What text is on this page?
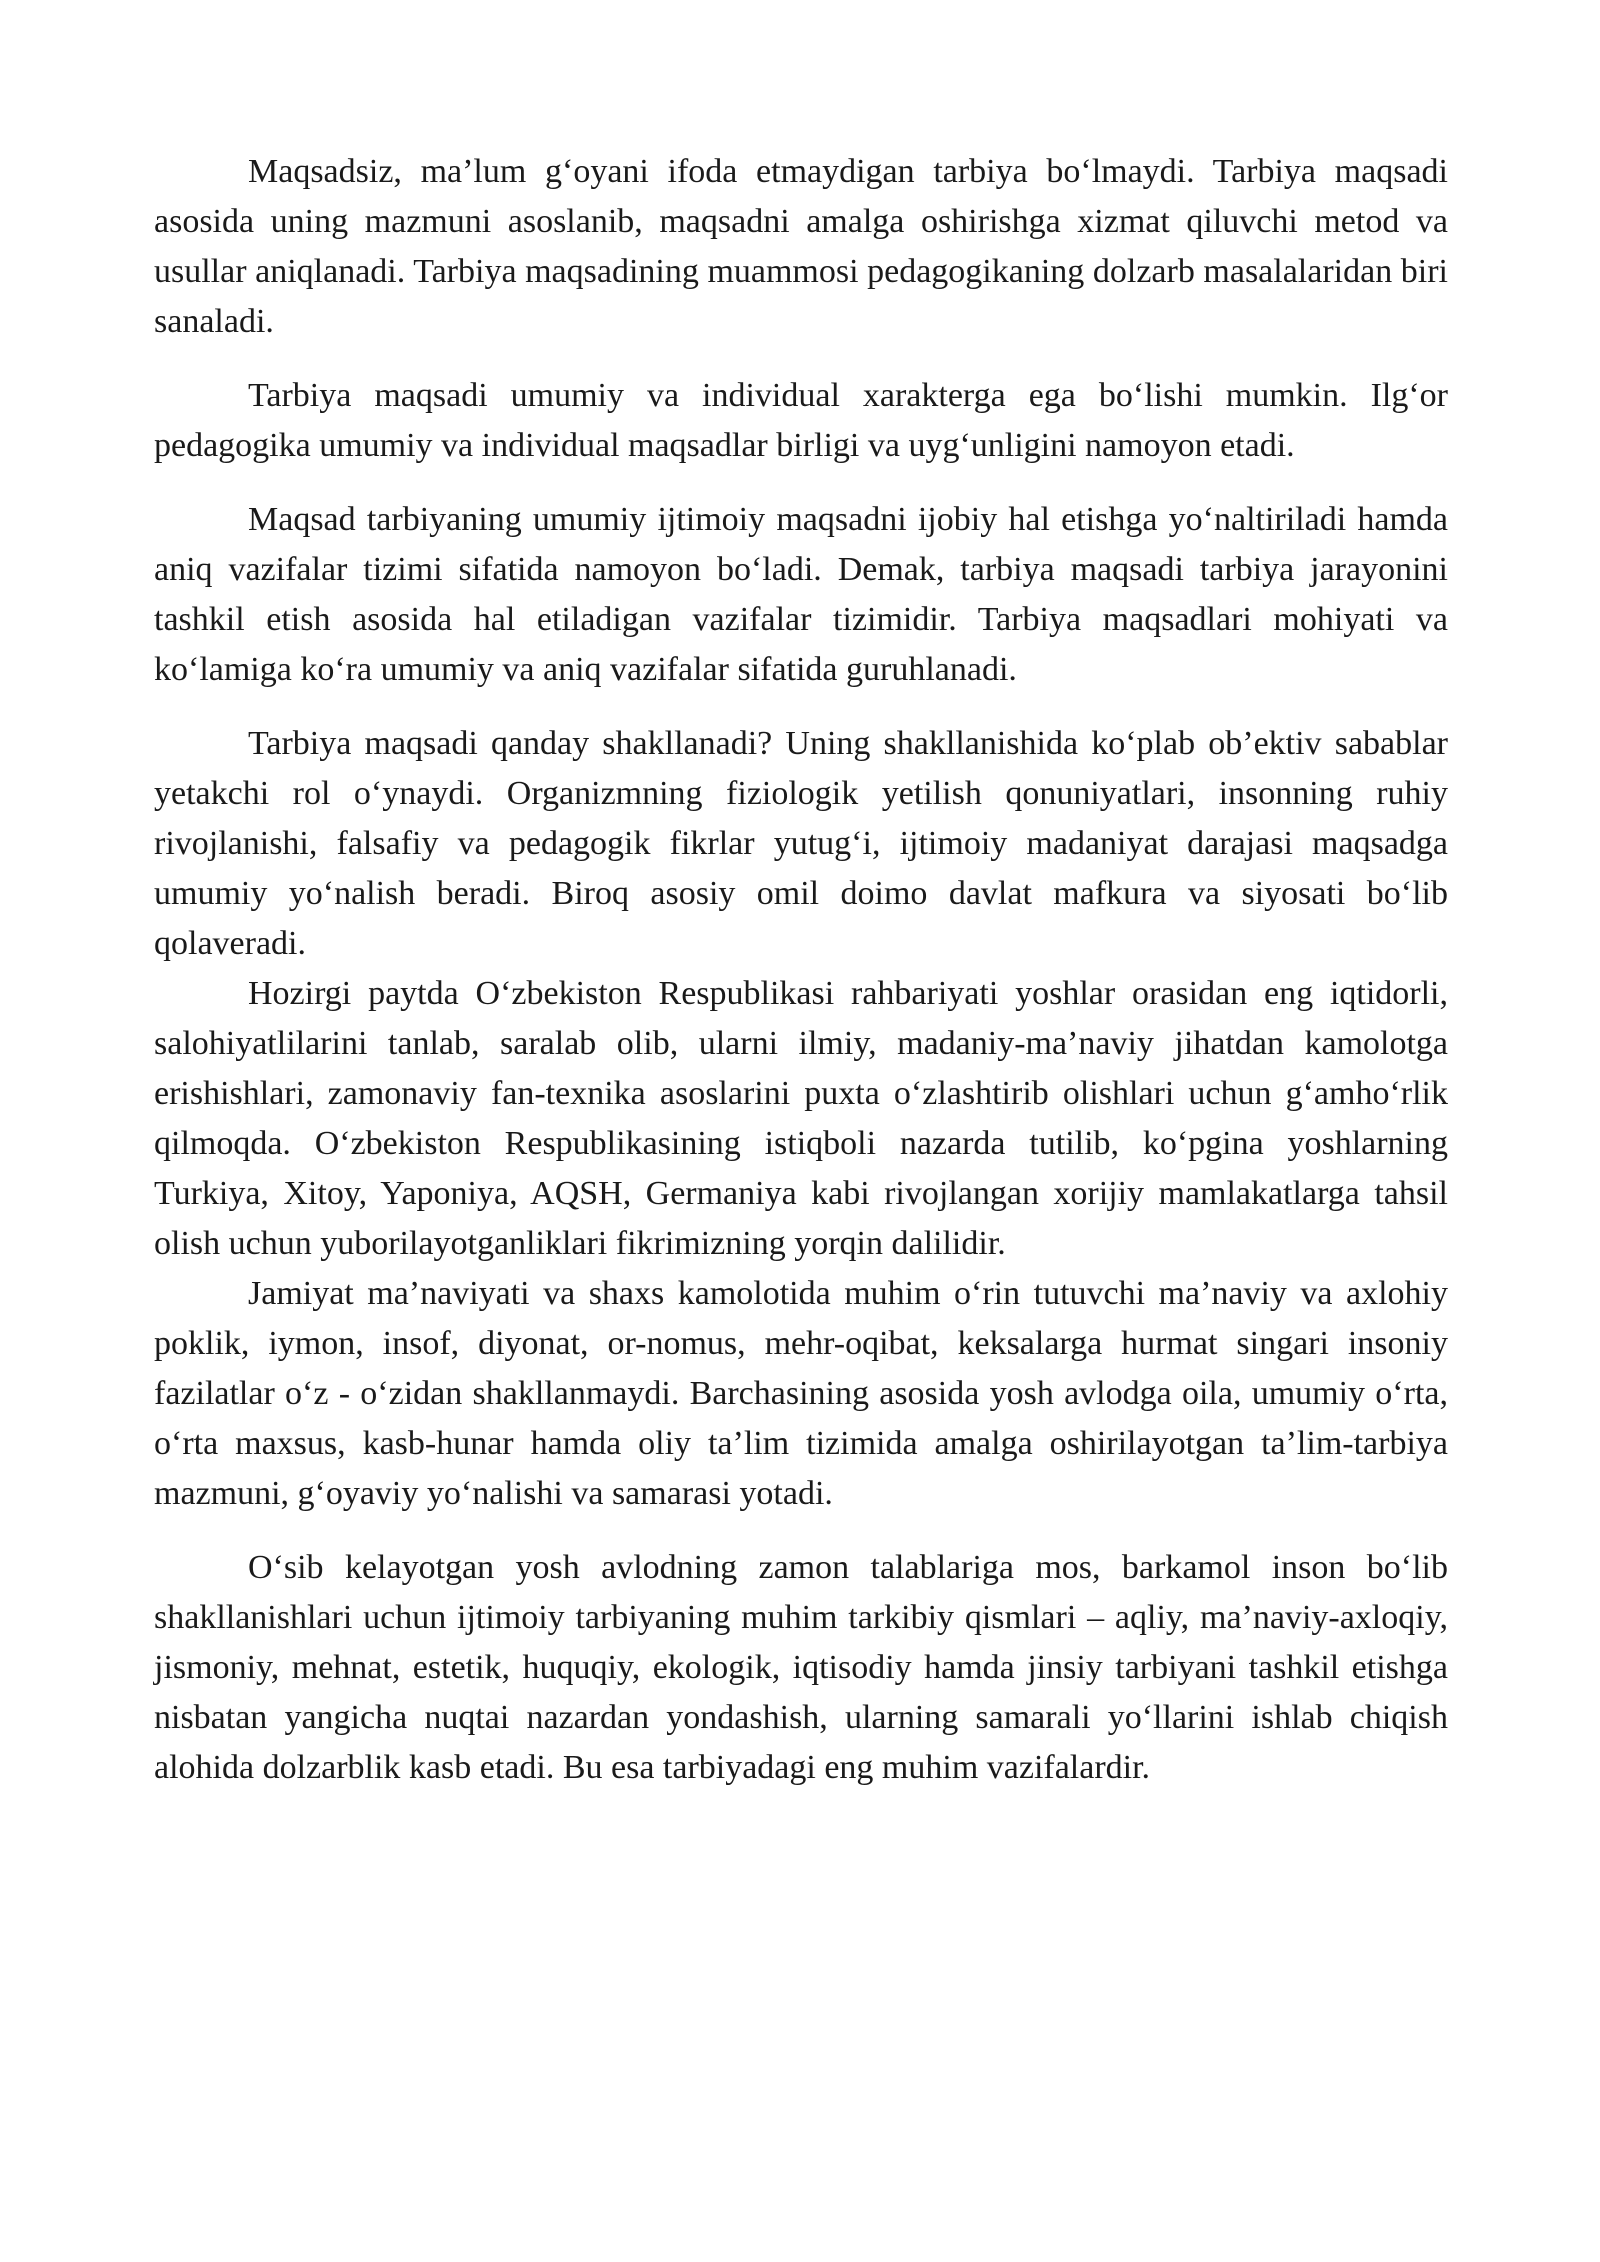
Maqsadsiz, ma’lum g‘oyani ifoda etmaydigan tarbiya bo‘lmaydi. Tarbiya maqsadi asosida uning mazmuni asoslanib, maqsadni amalga oshirishga xizmat qiluvchi metod va usullar aniqlanadi. Tarbiya maqsadining muammosi pedagogikaning dolzarb masalalaridan biri sanaladi.

Tarbiya maqsadi umumiy va individual xarakterga ega bo‘lishi mumkin. Ilg‘or pedagogika umumiy va individual maqsadlar birligi va uyg‘unligini namoyon etadi.

Maqsad tarbiyaning umumiy ijtimoiy maqsadni ijobiy hal etishga yo‘naltiriladi hamda aniq vazifalar tizimi sifatida namoyon bo‘ladi. Demak, tarbiya maqsadi tarbiya jarayonini tashkil etish asosida hal etiladigan vazifalar tizimidir. Tarbiya maqsadlari mohiyati va ko‘lamiga ko‘ra umumiy va aniq vazifalar sifatida guruhlanadi.

Tarbiya maqsadi qanday shakllanadi? Uning shakllanishida ko‘plab ob’ektiv sabablar yetakchi rol o‘ynaydi. Organizmning fiziologik yetilish qonuniyatlari, insonning ruhiy rivojlanishi, falsafiy va pedagogik fikrlar yutug‘i, ijtimoiy madaniyat darajasi maqsadga umumiy yo‘nalish beradi. Biroq asosiy omil doimo davlat mafkura va siyosati bo‘lib qolaveradi.

Hozirgi paytda O‘zbekiston Respublikasi rahbariyati yoshlar orasidan eng iqtidorli, salohiyatlilarini tanlab, saralab olib, ularni ilmiy, madaniy-ma’naviy jihatdan kamolotga erishishlari, zamonaviy fan-texnika asoslarini puxta o‘zlashtirib olishlari uchun g‘amho‘rlik qilmoqda. O‘zbekiston Respublikasining istiqboli nazarda tutilib, ko‘pgina yoshlarning Turkiya, Xitoy, Yaponiya, AQSH, Germaniya kabi rivojlangan xorijiy mamlakatlarga tahsil olish uchun yuborilayotganliklari fikrimizning yorqin dalilidir.

Jamiyat ma’naviyati va shaxs kamolotida muhim o‘rin tutuvchi ma’naviy va axlohiy poklik, iymon, insof, diyonat, or-nomus, mehr-oqibat, keksalarga hurmat singari insoniy fazilatlar o‘z - o‘zidan shakllanmaydi. Barchasining asosida yosh avlodga oila, umumiy o‘rta, o‘rta maxsus, kasb-hunar hamda oliy ta’lim tizimida amalga oshirilayotgan ta’lim-tarbiya mazmuni, g‘oyaviy yo‘nalishi va samarasi yotadi.

O‘sib kelayotgan yosh avlodning zamon talablariga mos, barkamol inson bo‘lib shakllanishlari uchun ijtimoiy tarbiyaning muhim tarkibiy qismlari – aqliy, ma’naviy-axloqiy, jismoniy, mehnat, estetik, huquqiy, ekologik, iqtisodiy hamda jinsiy tarbiyani tashkil etishga nisbatan yangicha nuqtai nazardan yondashish, ularning samarali yo‘llarini ishlab chiqish alohida dolzarblik kasb etadi. Bu esa tarbiyadagi eng muhim vazifalardir.
